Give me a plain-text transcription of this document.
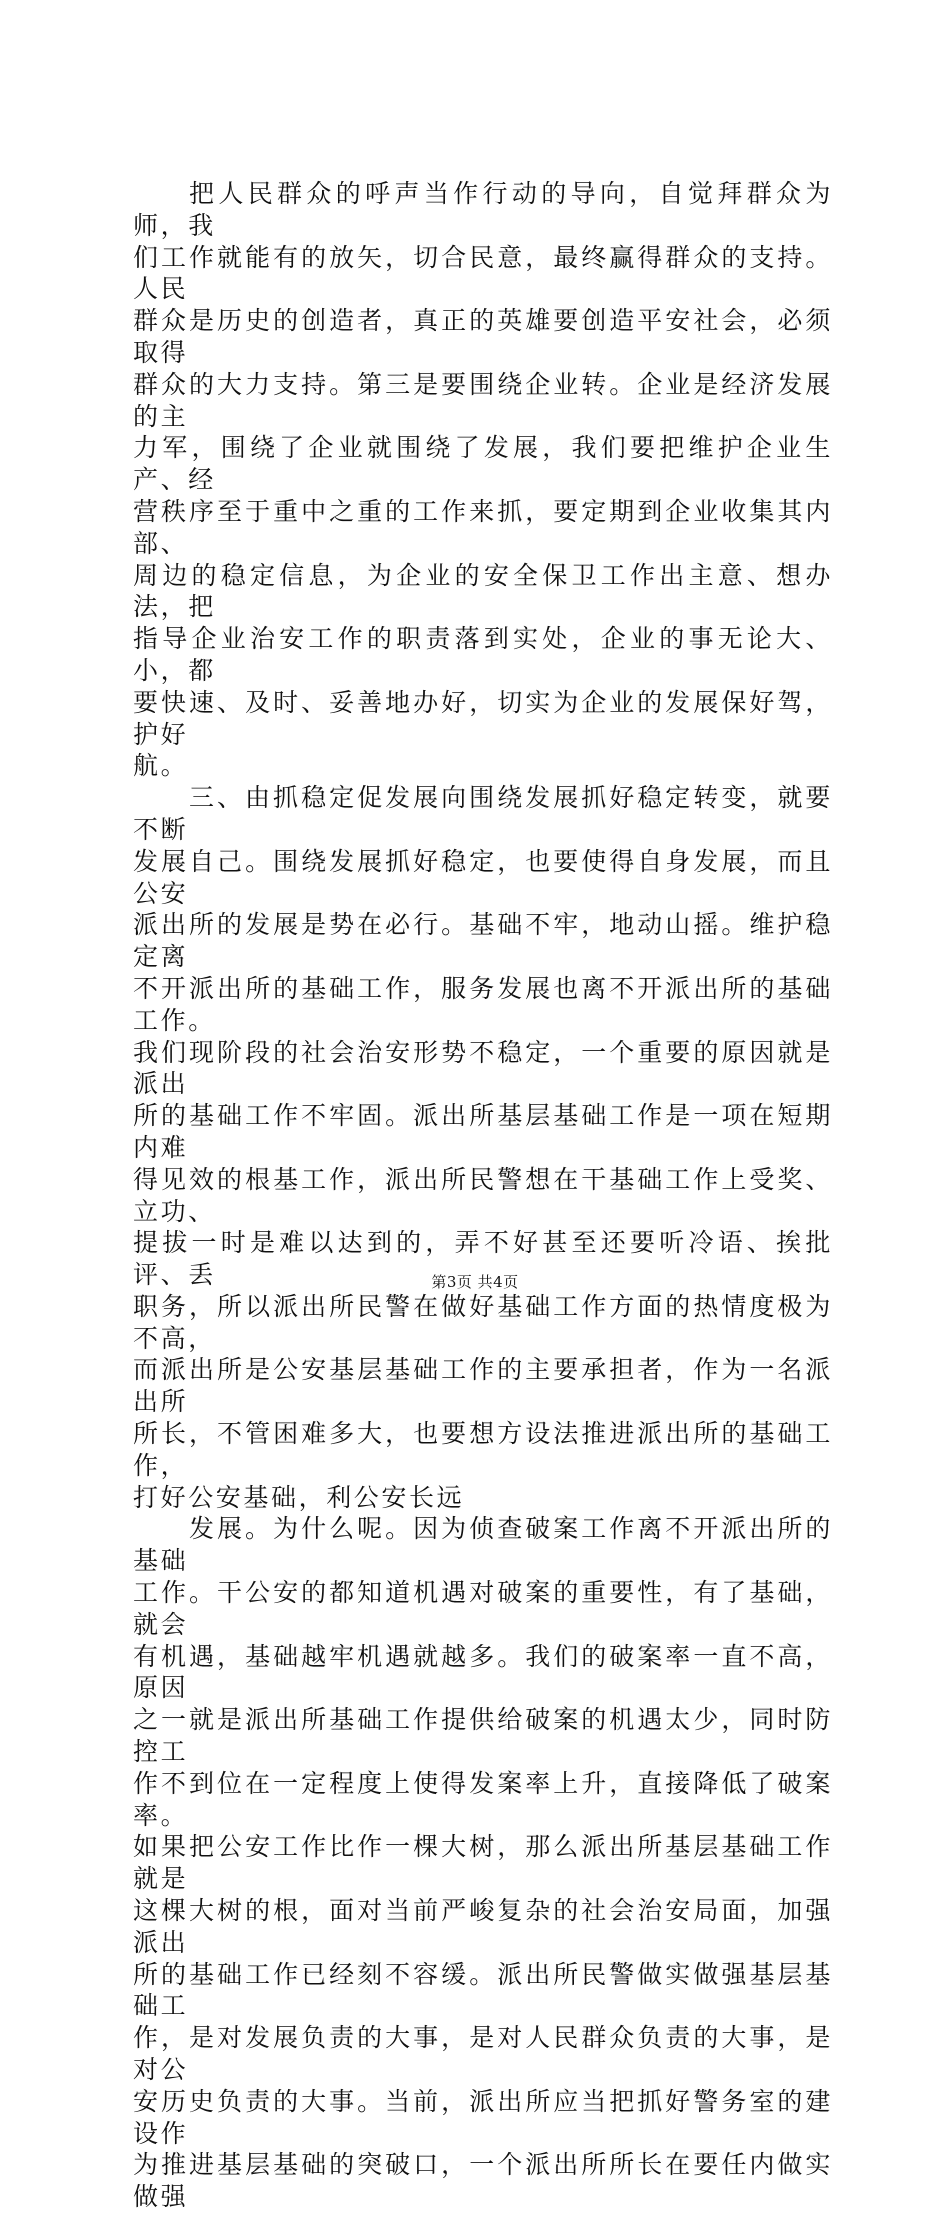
把人民群众的呼声当作行动的导向，自觉拜群众为师，我
们工作就能有的放矢，切合民意，最终赢得群众的支持。人民
群众是历史的创造者，真正的英雄要创造平安社会，必须取得
群众的大力支持。第三是要围绕企业转。企业是经济发展的主
力军，围绕了企业就围绕了发展，我们要把维护企业生产、经
营秩序至于重中之重的工作来抓，要定期到企业收集其内部、
周边的稳定信息，为企业的安全保卫工作出主意、想办法，把
指导企业治安工作的职责落到实处，企业的事无论大、小，都
要快速、及时、妥善地办好，切实为企业的发展保好驾，护好
航。

三、由抓稳定促发展向围绕发展抓好稳定转变，就要不断
发展自己。围绕发展抓好稳定，也要使得自身发展，而且公安
派出所的发展是势在必行。基础不牢，地动山摇。维护稳定离
不开派出所的基础工作，服务发展也离不开派出所的基础工作。
我们现阶段的社会治安形势不稳定，一个重要的原因就是派出
所的基础工作不牢固。派出所基层基础工作是一项在短期内难
得见效的根基工作，派出所民警想在干基础工作上受奖、立功、
提拔一时是难以达到的，弄不好甚至还要听冷语、挨批评、丢
职务，所以派出所民警在做好基础工作方面的热情度极为不高，
而派出所是公安基层基础工作的主要承担者，作为一名派出所
所长，不管困难多大，也要想方设法推进派出所的基础工作，
打好公安基础，利公安长远

发展。为什么呢。因为侦查破案工作离不开派出所的基础
工作。干公安的都知道机遇对破案的重要性，有了基础，就会
有机遇，基础越牢机遇就越多。我们的破案率一直不高，原因
之一就是派出所基础工作提供给破案的机遇太少，同时防控工
作不到位在一定程度上使得发案率上升，直接降低了破案率。
如果把公安工作比作一棵大树，那么派出所基层基础工作就是
这棵大树的根，面对当前严峻复杂的社会治安局面，加强派出
所的基础工作已经刻不容缓。派出所民警做实做强基层基础工
作，是对发展负责的大事，是对人民群众负责的大事，是对公
安历史负责的大事。当前，派出所应当把抓好警务室的建设作
为推进基层基础的突破口，一个派出所所长在要任内做实做强

第3页 共4页
